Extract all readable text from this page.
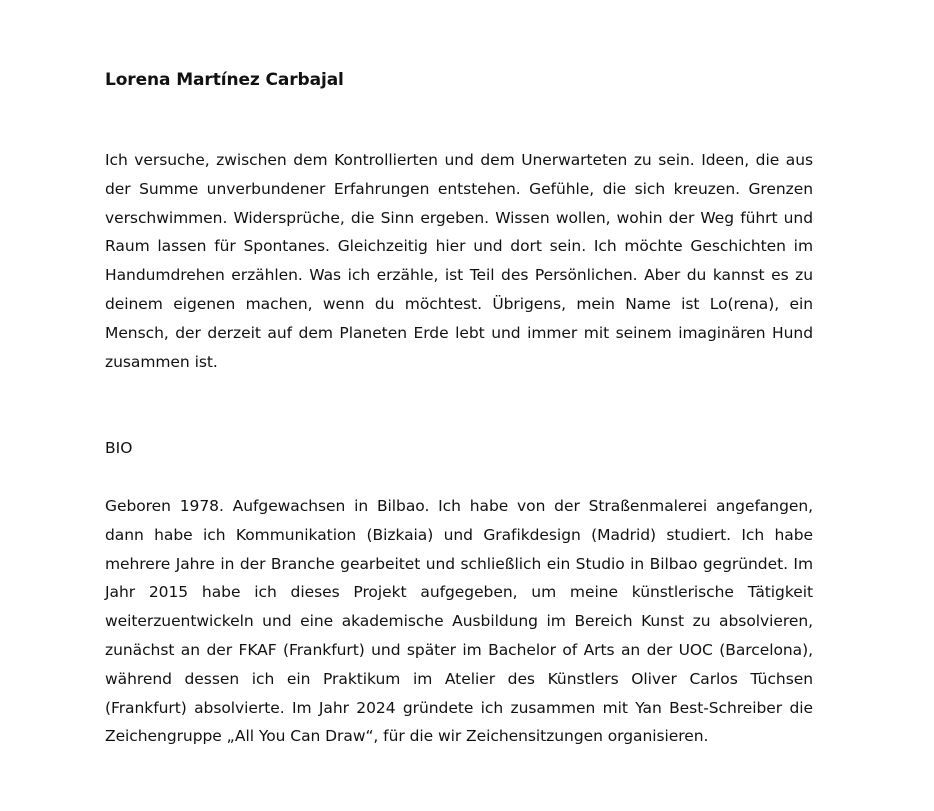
Lorena Martínez Carbajal

Ich versuche, zwischen dem Kontrollierten und dem Unerwarteten zu sein. Ideen, die aus der Summe unverbundener Erfahrungen entstehen. Gefühle, die sich kreuzen. Grenzen verschwimmen. Widersprüche, die Sinn ergeben. Wissen wollen, wohin der Weg führt und Raum lassen für Spontanes. Gleichzeitig hier und dort sein. Ich möchte Geschichten im Handumdrehen erzählen. Was ich erzähle, ist Teil des Persönlichen. Aber du kannst es zu deinem eigenen machen, wenn du möchtest. Übrigens, mein Name ist Lo(rena), ein Mensch, der derzeit auf dem Planeten Erde lebt und immer mit seinem imaginären Hund zusammen ist.

BIO

Geboren 1978. Aufgewachsen in Bilbao. Ich habe von der Straßenmalerei angefangen, dann habe ich Kommunikation (Bizkaia) und Grafikdesign (Madrid) studiert. Ich habe mehrere Jahre in der Branche gearbeitet und schließlich ein Studio in Bilbao gegründet. Im Jahr 2015 habe ich dieses Projekt aufgegeben, um meine künstlerische Tätigkeit weiterzuentwickeln und eine akademische Ausbildung im Bereich Kunst zu absolvieren, zunächst an der FKAF (Frankfurt) und später im Bachelor of Arts an der UOC (Barcelona), während dessen ich ein Praktikum im Atelier des Künstlers Oliver Carlos Tüchsen (Frankfurt) absolvierte. Im Jahr 2024 gründete ich zusammen mit Yan Best-Schreiber die Zeichengruppe „All You Can Draw“, für die wir Zeichensitzungen organisieren.
